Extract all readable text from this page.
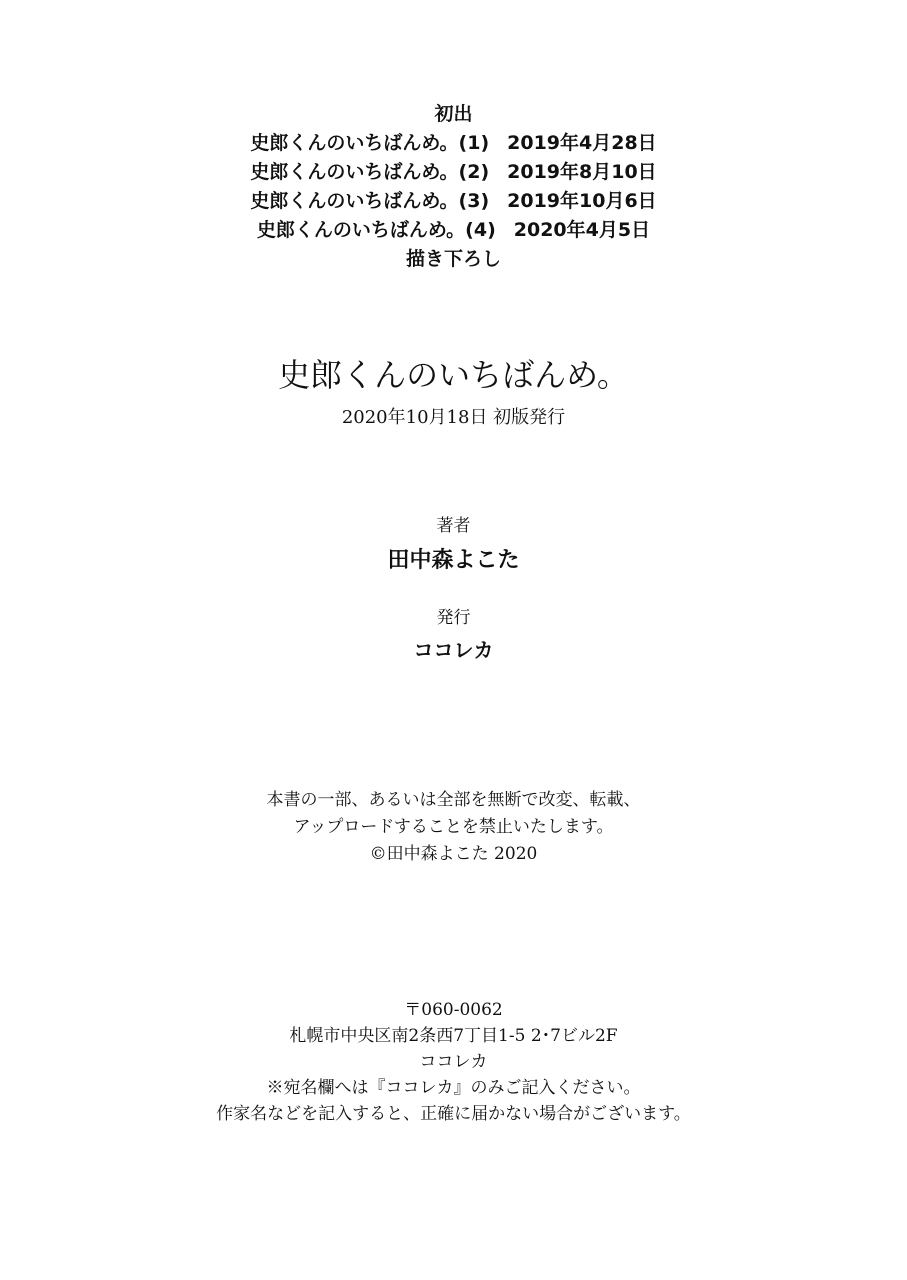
初出
史郎くんのいちばんめ。(1) 2019年4月28日
史郎くんのいちばんめ。(2) 2019年8月10日
史郎くんのいちばんめ。(3) 2019年10月6日
史郎くんのいちばんめ。(4) 2020年4月5日
描き下ろし
史郎くんのいちばんめ。
2020年10月18日 初版発行
著者
田中森よこた
発行
ココレカ
本書の一部、あるいは全部を無断で改変、転載、
アップロードすることを禁止いたします。
©田中森よこた 2020
〒060-0062
札幌市中央区南2条西7丁目1-5 2･7ビル2F
ココレカ
※宛名欄へは『ココレカ』のみご記入ください。
作家名などを記入すると、正確に届かない場合がございます。
